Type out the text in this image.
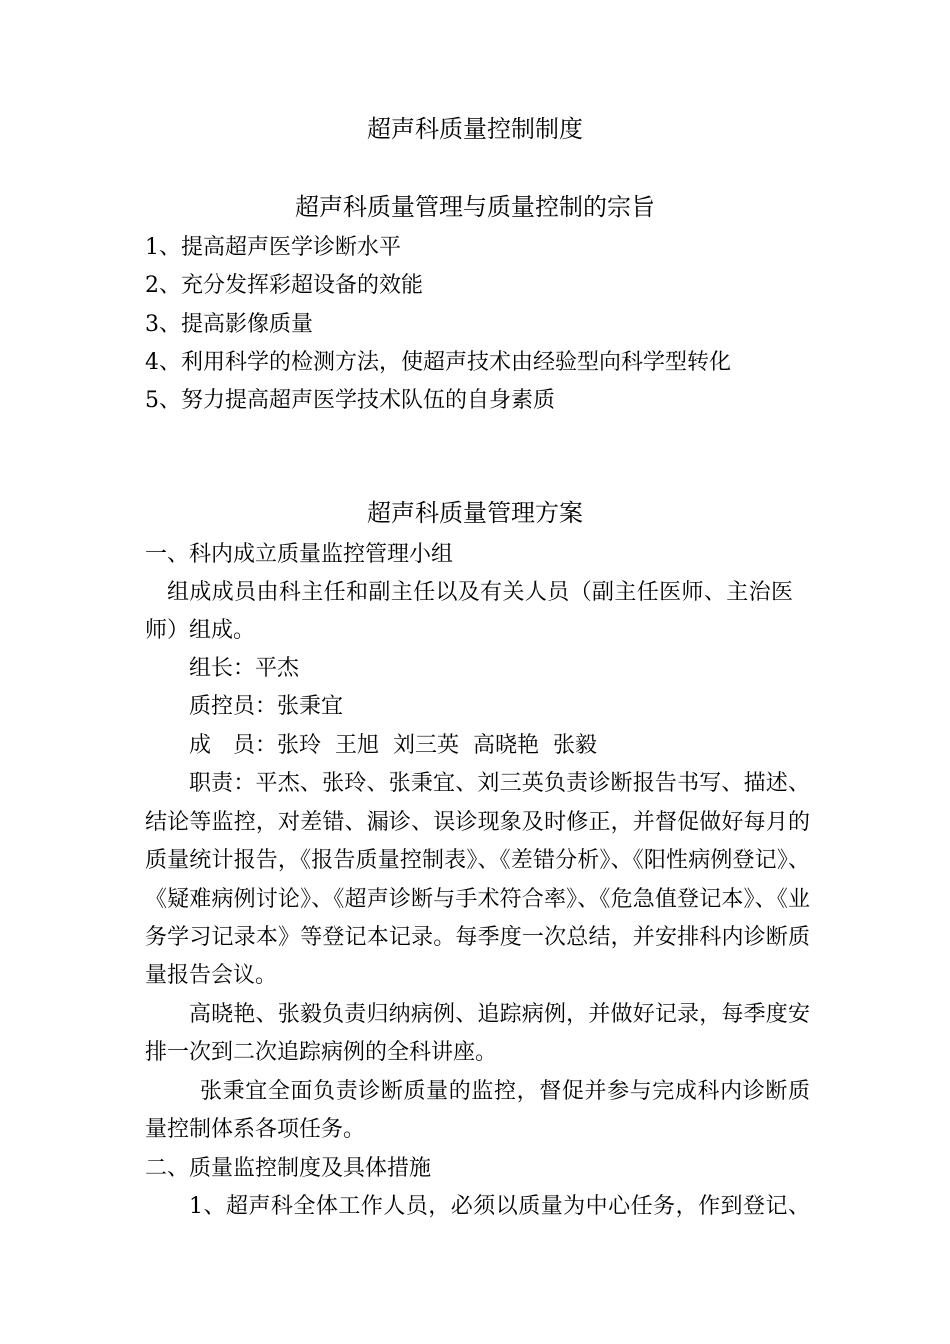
超声科质量控制制度
超声科质量管理与质量控制的宗旨
1、提高超声医学诊断水平
2、充分发挥彩超设备的效能
3、提高影像质量
4、利用科学的检测方法，使超声技术由经验型向科学型转化
5、努力提高超声医学技术队伍的自身素质
超声科质量管理方案
一、科内成立质量监控管理小组
组成成员由科主任和副主任以及有关人员（副主任医师、主治医
师）组成。
组长：平杰
质控员：张秉宜
成　员：张玲  王旭  刘三英  高晓艳  张毅
职责：平杰、张玲、张秉宜、刘三英负责诊断报告书写、描述、
结论等监控，对差错、漏诊、误诊现象及时修正，并督促做好每月的
质量统计报告，《报告质量控制表》、《差错分析》、《阳性病例登记》、
《疑难病例讨论》、《超声诊断与手术符合率》、《危急值登记本》、《业
务学习记录本》等登记本记录。每季度一次总结，并安排科内诊断质
量报告会议。
高晓艳、张毅负责归纳病例、追踪病例，并做好记录，每季度安
排一次到二次追踪病例的全科讲座。
张秉宜全面负责诊断质量的监控，督促并参与完成科内诊断质
量控制体系各项任务。
二、质量监控制度及具体措施
1、超声科全体工作人员，必须以质量为中心任务，作到登记、
